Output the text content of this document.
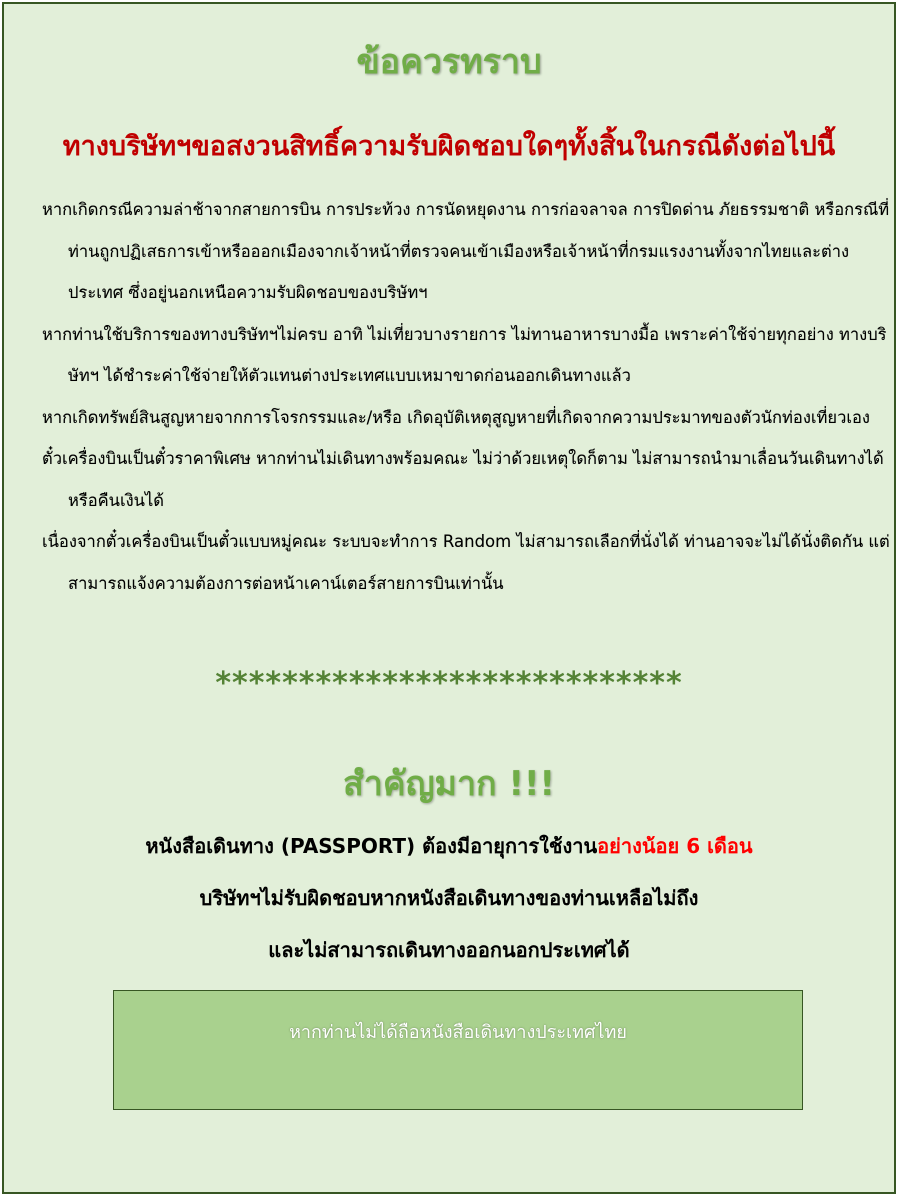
ข้อควรทราบ
ทางบริษัทฯขอสงวนสิทธิ์ความรับผิดชอบใดๆทั้งสิ้นในกรณีดังต่อไปนี้
หากเกิดกรณีความล่าช้าจากสายการบิน การประท้วง การนัดหยุดงาน การก่อจลาจล การปิดด่าน ภัยธรรมชาติ หรือกรณีที่ท่านถูกปฏิเสธการเข้าหรือออกเมืองจากเจ้าหน้าที่ตรวจคนเข้าเมืองหรือเจ้าหน้าที่กรมแรงงานทั้งจากไทยและต่างประเทศ ซึ่งอยู่นอกเหนือความรับผิดชอบของบริษัทฯ
หากท่านใช้บริการของทางบริษัทฯไม่ครบ อาทิ ไม่เที่ยวบางรายการ ไม่ทานอาหารบางมื้อ เพราะค่าใช้จ่ายทุกอย่าง ทางบริษัทฯ ได้ชำระค่าใช้จ่ายให้ตัวแทนต่างประเทศแบบเหมาขาดก่อนออกเดินทางแล้ว
หากเกิดทรัพย์สินสูญหายจากการโจรกรรมและ/หรือ เกิดอุบัติเหตุสูญหายที่เกิดจากความประมาทของตัวนักท่องเที่ยวเอง
ตั๋วเครื่องบินเป็นตั๋วราคาพิเศษ หากท่านไม่เดินทางพร้อมคณะ ไม่ว่าด้วยเหตุใดก็ตาม ไม่สามารถนำมาเลื่อนวันเดินทางได้หรือคืนเงินได้
เนื่องจากตั๋วเครื่องบินเป็นตั๋วแบบหมู่คณะ ระบบจะทำการ Random ไม่สามารถเลือกที่นั่งได้ ท่านอาจจะไม่ได้นั่งติดกัน แต่สามารถแจ้งความต้องการต่อหน้าเคาน์เตอร์สายการบินเท่านั้น

****************************

สำคัญมาก !!!

หนังสือเดินทาง (PASSPORT) ต้องมีอายุการใช้งานอย่างน้อย 6 เดือน

บริษัทฯไม่รับผิดชอบหากหนังสือเดินทางของท่านเหลือไม่ถึง

และไม่สามารถเดินทางออกนอกประเทศได้

หากท่านไม่ได้ถือหนังสือเดินทางประเทศไทย
